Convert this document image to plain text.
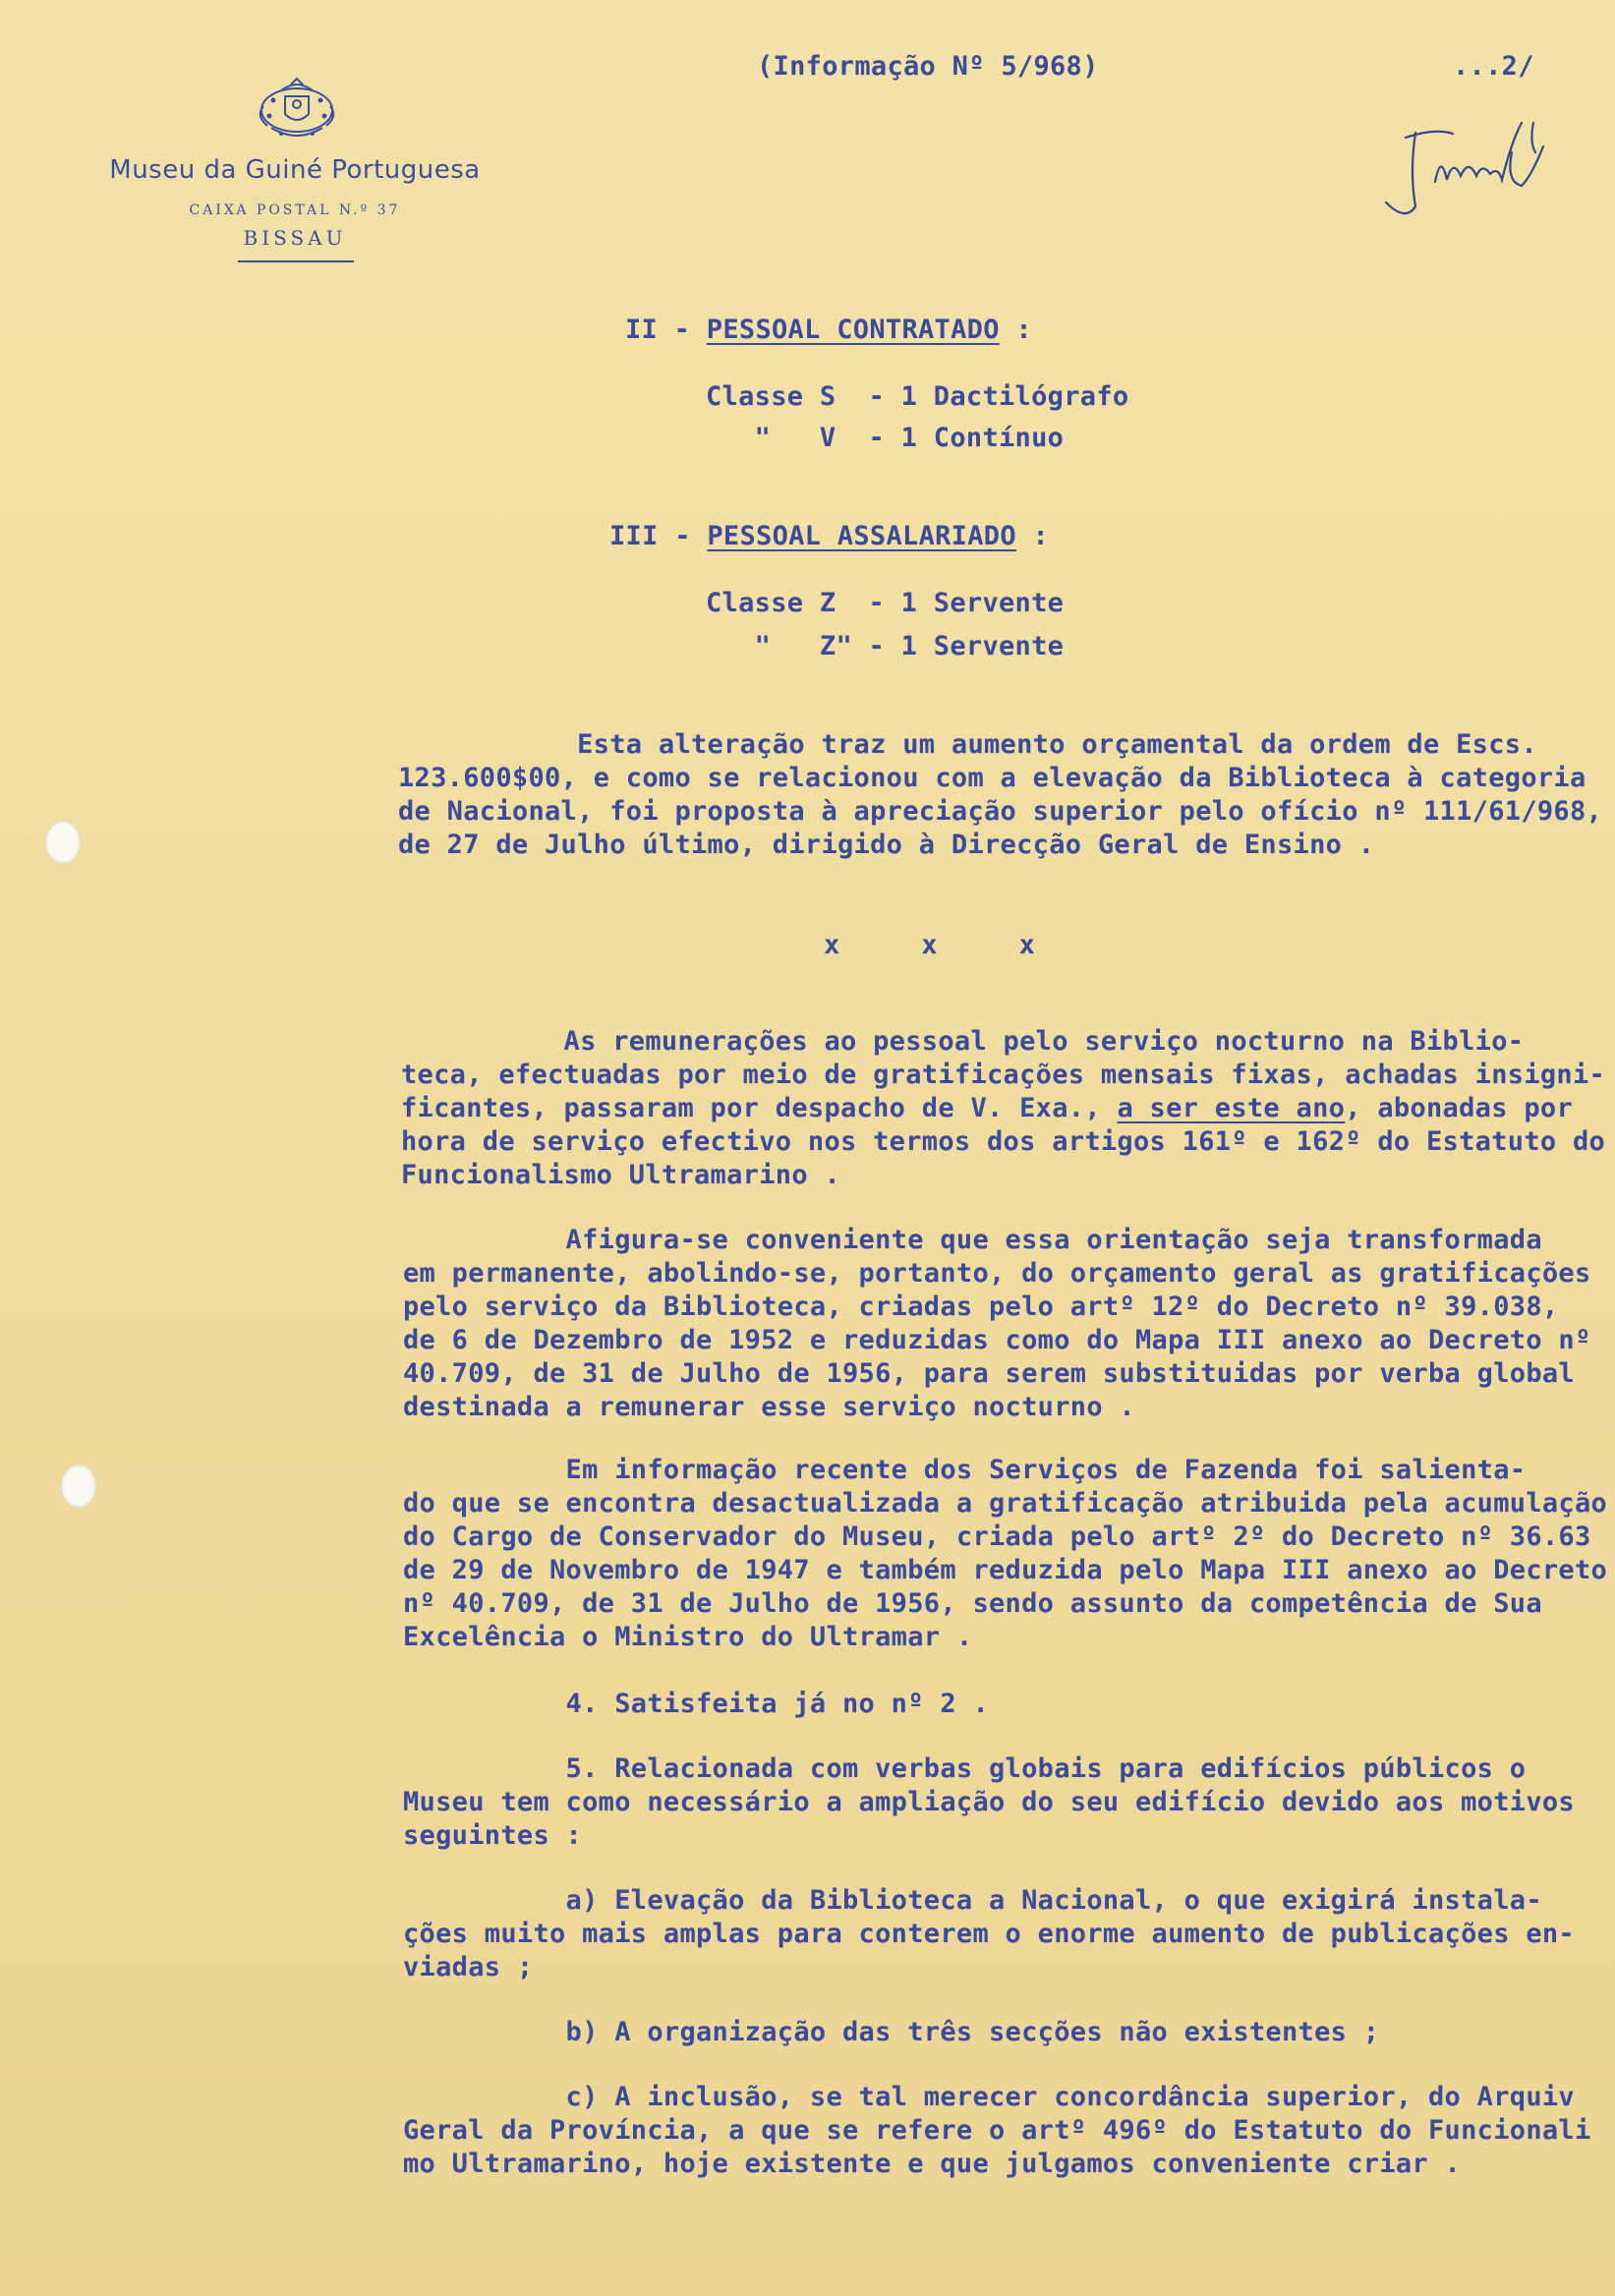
Museu da Guiné Portuguesa
CAIXA POSTAL N.º 37
BISSAU
(Informação Nº 5/968)	...2/
II - PESSOAL CONTRATADO :
Classe S  - 1 Dactilógrafo
"   V  - 1 Contínuo
III - PESSOAL ASSALARIADO :
Classe Z  - 1 Servente
"   Z" - 1 Servente
Esta alteração traz um aumento orçamental da ordem de Escs.
123.600$00, e como se relacionou com a elevação da Biblioteca à categoria
de Nacional, foi proposta à apreciação superior pelo ofício nº 111/61/968,
de 27 de Julho último, dirigido à Direcção Geral de Ensino .
x     x     x
As remunerações ao pessoal pelo serviço nocturno na Biblio-
teca, efectuadas por meio de gratificações mensais fixas, achadas insigni-
ficantes, passaram por despacho de V. Exa., a ser este ano, abonadas por
hora de serviço efectivo nos termos dos artigos 161º e 162º do Estatuto do
Funcionalismo Ultramarino .
Afigura-se conveniente que essa orientação seja transformada
em permanente, abolindo-se, portanto, do orçamento geral as gratificações
pelo serviço da Biblioteca, criadas pelo artº 12º do Decreto nº 39.038,
de 6 de Dezembro de 1952 e reduzidas como do Mapa III anexo ao Decreto nº
40.709, de 31 de Julho de 1956, para serem substituidas por verba global
destinada a remunerar esse serviço nocturno .
Em informação recente dos Serviços de Fazenda foi salienta-
do que se encontra desactualizada a gratificação atribuida pela acumulação
do Cargo de Conservador do Museu, criada pelo artº 2º do Decreto nº 36.63
de 29 de Novembro de 1947 e também reduzida pelo Mapa III anexo ao Decreto
nº 40.709, de 31 de Julho de 1956, sendo assunto da competência de Sua
Excelência o Ministro do Ultramar .
4. Satisfeita já no nº 2 .
5. Relacionada com verbas globais para edifícios públicos o
Museu tem como necessário a ampliação do seu edifício devido aos motivos
seguintes :
a) Elevação da Biblioteca a Nacional, o que exigirá instala-
ções muito mais amplas para conterem o enorme aumento de publicações en-
viadas ;
b) A organização das três secções não existentes ;
c) A inclusão, se tal merecer concordância superior, do Arquiv
Geral da Província, a que se refere o artº 496º do Estatuto do Funcionali
mo Ultramarino, hoje existente e que julgamos conveniente criar .
